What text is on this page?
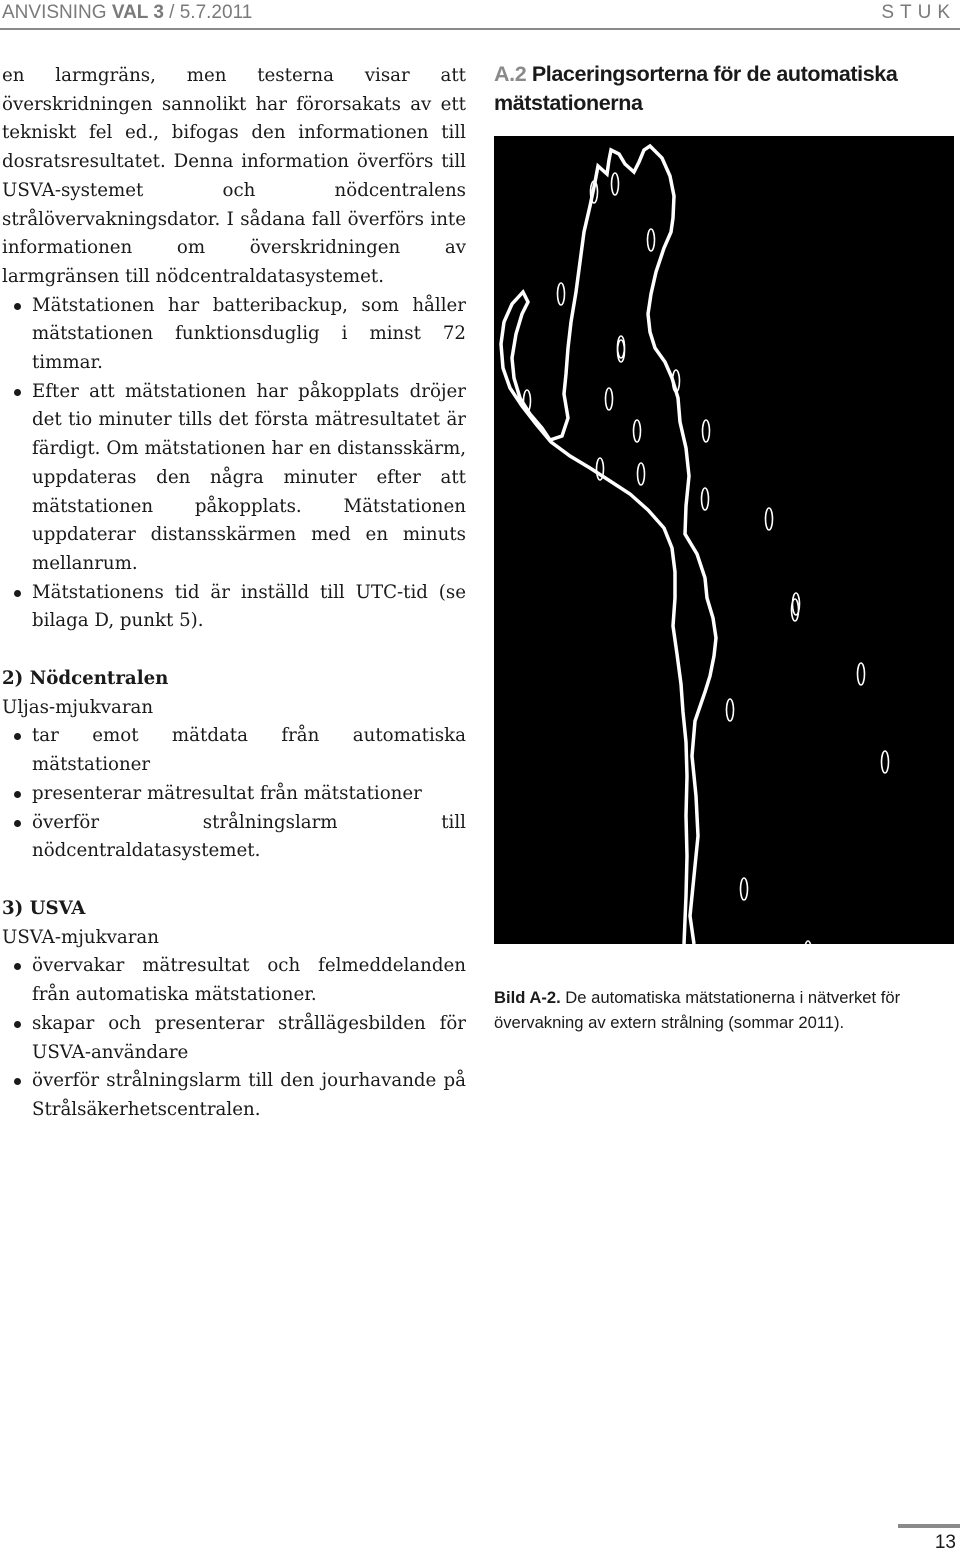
ANVISNING VAL 3 / 5.7.2011	STUK

en larmgräns, men testerna visar att överskridningen sannolikt har förorsakats av ett tekniskt fel ed., bifogas den informationen till dosratsresultatet. Denna information överförs till USVA-systemet och nödcentralens strålövervakningsdator. I sådana fall överförs inte informationen om överskridningen av larmgränsen till nödcentraldatasystemet.

Mätstationen har batteribackup, som håller mätstationen funktionsduglig i minst 72 timmar.
Efter att mätstationen har påkopplats dröjer det tio minuter tills det första mätresultatet är färdigt. Om mätstationen har en distansskärm, uppdateras den några minuter efter att mätstationen påkopplats. Mätstationen uppdaterar distansskärmen med en minuts mellanrum.
Mätstationens tid är inställd till UTC-tid (se bilaga D, punkt 5).
2) Nödcentralen

Uljas-mjukvaran

tar emot mätdata från automatiska mätstationer
presenterar mätresultat från mätstationer
överför strålningslarm till nödcentraldatasystemet.
3) USVA

USVA-mjukvaran

övervakar mätresultat och felmeddelanden från automatiska mätstationer.
skapar och presenterar strållägesbilden för USVA-användare
överför strålningslarm till den jourhavande på Strålsäkerhetscentralen.
A.2 Placeringsorterna för de automatiska mätstationerna
Bild A-2. De automatiska mätstationerna i nätverket för övervakning av extern strålning (sommar 2011).
13
